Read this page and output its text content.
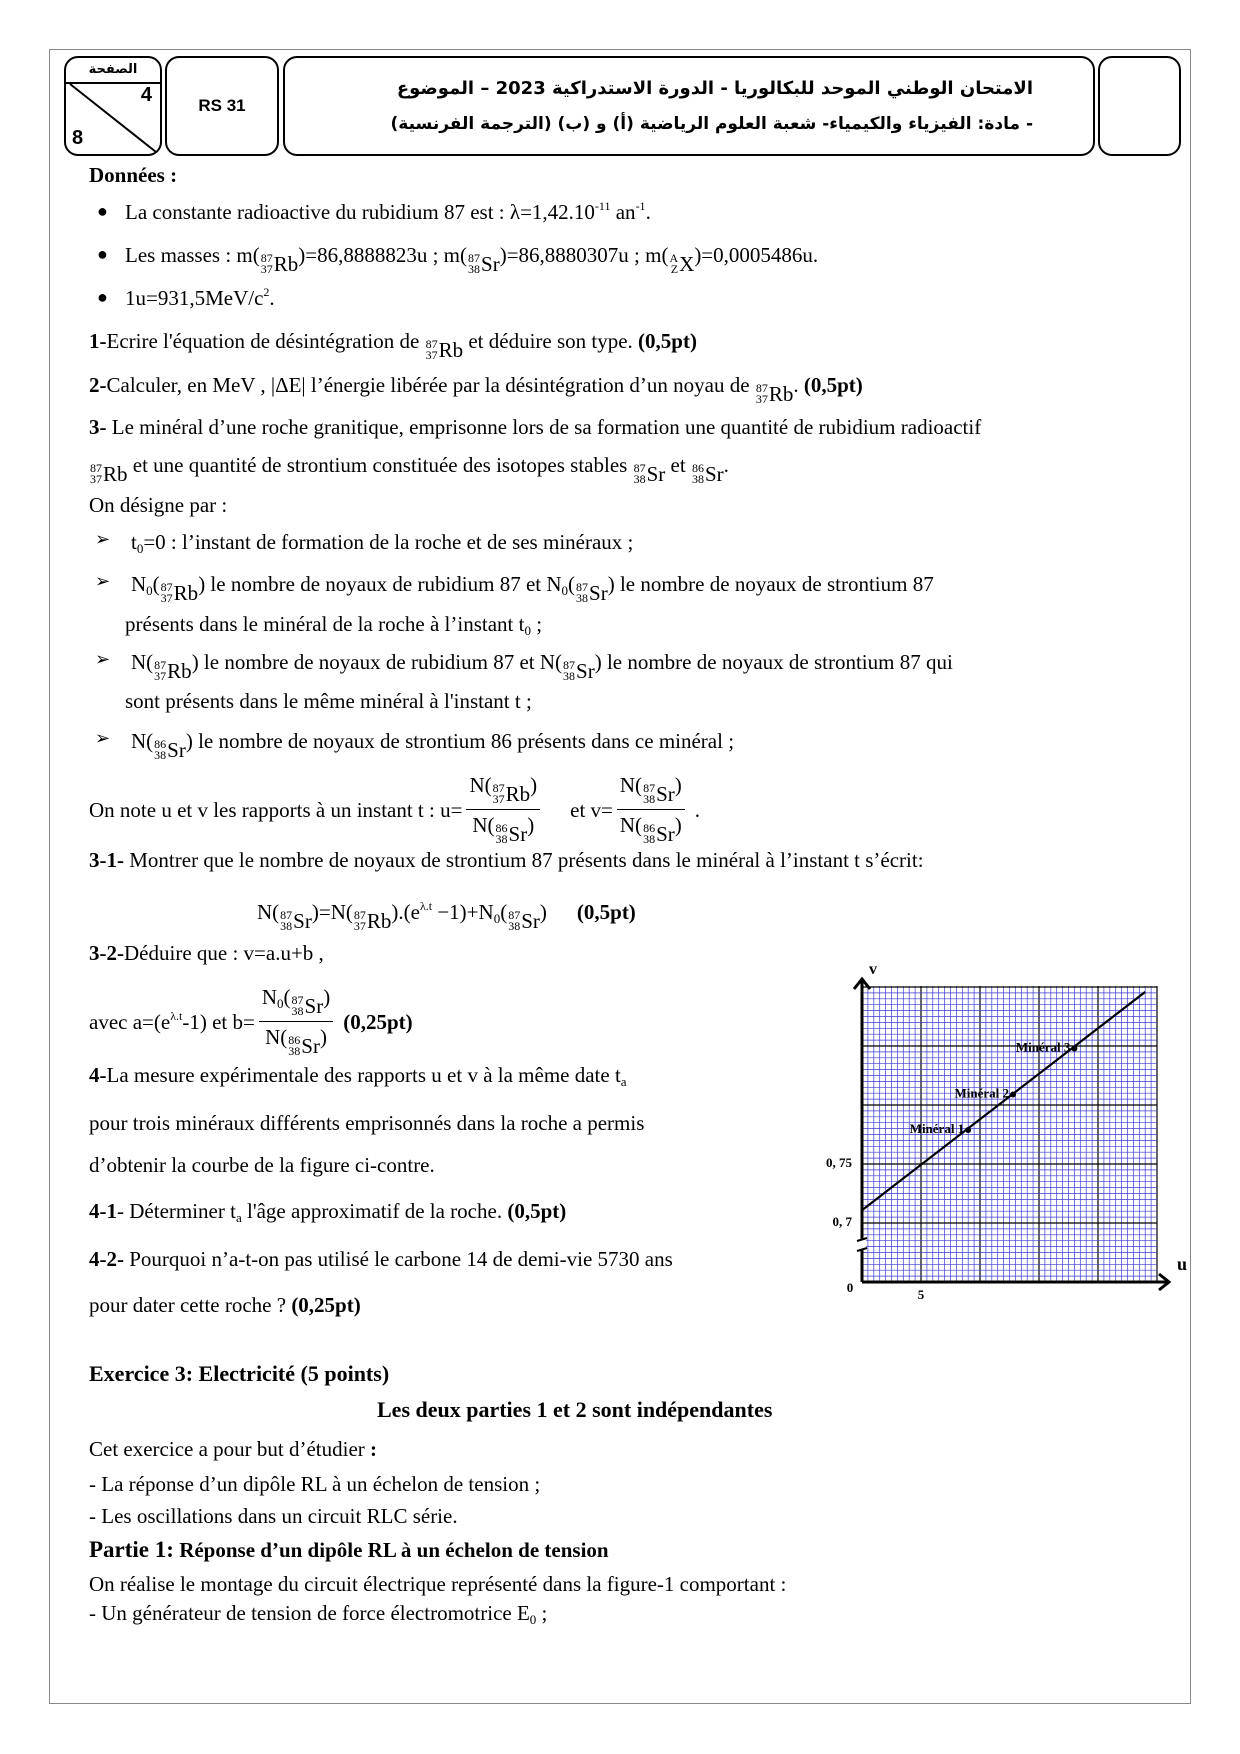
الصفحة
4
8
RS 31
الامتحان الوطني الموحد للبكالوريا - الدورة الاستدراكية 2023 – الموضوع
- مادة: الفيزياء والكيمياء- شعبة العلوم الرياضية (أ) و (ب) (الترجمة الفرنسية)
Données :
● La constante radioactive du rubidium 87 est : $\lambda=1,42.10^{-11}$ $an^{-1}$.
● Les masses : m( 87
37 Rb )=86,8888823u ; m( 87
38 Sr )=86,8880307u ; m( A
Z X )=0,0005486u.
● $1u=931,5MeV/c^2$.
1-Ecrire l'équation de désintégration de 87
37 Rb et déduire son type. (0,5pt)
2-Calculer, en MeV , |ΔE| l’énergie libérée par la désintégration d’un noyau de 87
37 Rb . (0,5pt)
3- Le minéral d’une roche granitique, emprisonne lors de sa formation une quantité de rubidium radioactif
87
37 Rb et une quantité de strontium constituée des isotopes stables 87
38 Sr et 86
38 Sr .
On désigne par :
➢ $t_0=0$ : l’instant de formation de la roche et de ses minéraux ;
➢ $N_0$( 87
37 Rb ) le nombre de noyaux de rubidium 87 et $N_0$( 87
38 Sr ) le nombre de noyaux de strontium 87
présents dans le minéral de la roche à l’instant $t_0$ ;
➢ N( 87
37 Rb ) le nombre de noyaux de rubidium 87 et N( 87
38 Sr ) le nombre de noyaux de strontium 87 qui
sont présents dans le même minéral à l'instant t ;
➢ N( 86
38 Sr ) le nombre de noyaux de strontium 86 présents dans ce minéral ;
On note u et v les rapports à un instant t : u= N( 87
37 Rb )
N( 86
38 Sr ) et v= N( 87
38 Sr )
N( 86
38 Sr ) .
3-1- Montrer que le nombre de noyaux de strontium 87 présents dans le minéral à l’instant t s’écrit:
N( 87
38 Sr )=N( 87
37 Rb )$.(e^{\lambda.t} -1)+N_0$( 87
38 Sr ) (0,5pt)
3-2-Déduire que : v=a.u+b ,
avec $a=(e^{\lambda.t}-1)$ et $b= N_0$( 87
38 Sr )
N( 86
38 Sr ) (0,25pt)
4-La mesure expérimentale des rapports u et v à la même date $t_a$
pour trois minéraux différents emprisonnés dans la roche a permis
d’obtenir la courbe de la figure ci-contre.
4-1- Déterminer $t_a$ l'âge approximatif de la roche. (0,5pt)
4-2- Pourquoi n’a-t-on pas utilisé le carbone 14 de demi-vie 5730 ans
pour dater cette roche ? (0,25pt)
Exercice 3: Electricité (5 points)
Les deux parties 1 et 2 sont indépendantes
Cet exercice a pour but d’étudier :
- La réponse d’un dipôle RL à un échelon de tension ;
- Les oscillations dans un circuit RLC série.
Partie 1: Réponse d’un dipôle RL à un échelon de tension
On réalise le montage du circuit électrique représenté dans la figure-1 comportant :
- Un générateur de tension de force électromotrice $E_0$ ;
Minéral 1
Minéral 2
Minéral 3
0, 7
0, 75
5
0
v
u
